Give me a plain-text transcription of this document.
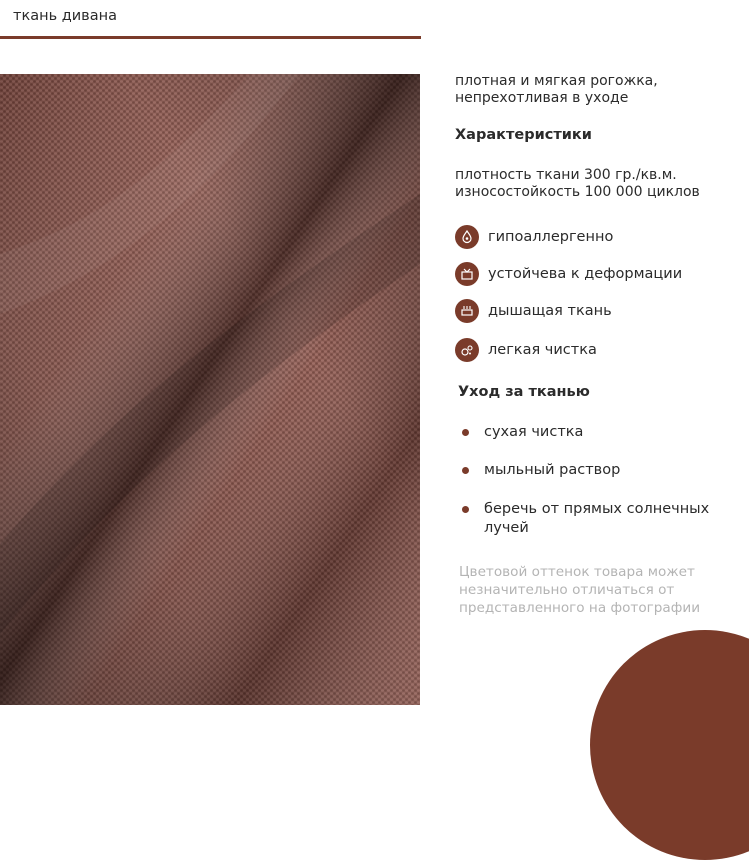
ткань дивана
плотная и мягкая рогожка, непрехотливая в уходе
Характеристики
плотность ткани 300 гр./кв.м.
износостойкость 100 000 циклов
гипоаллергенно
устойчева к деформации
дышащая ткань
легкая чистка
Уход за тканью
сухая чистка
мыльный раствор
беречь от прямых солнечных лучей
Цветовой оттенок товара может незначительно отличаться от представленного на фотографии
